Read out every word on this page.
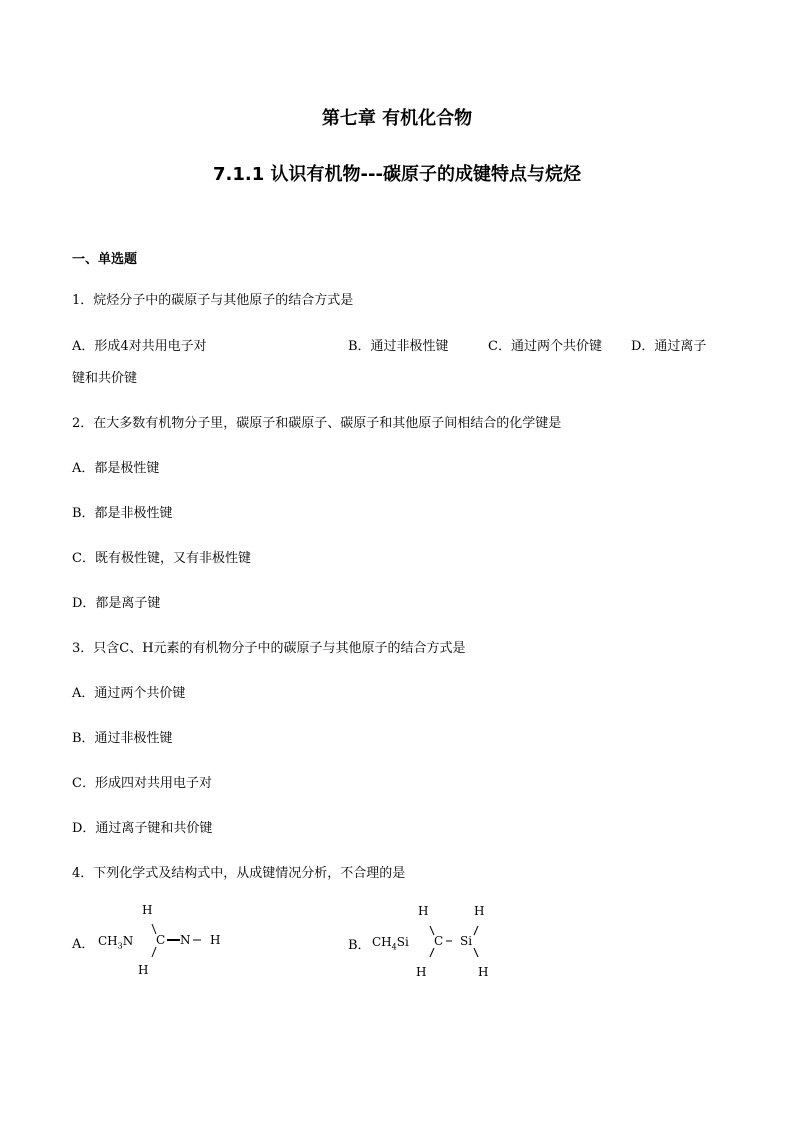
第七章 有机化合物
7.1.1 认识有机物---碳原子的成键特点与烷烃
一、单选题
1．烷烃分子中的碳原子与其他原子的结合方式是
A．形成4对共用电子对	B．通过非极性键	C．通过两个共价键 D．通过离子
键和共价键
2．在大多数有机物分子里，碳原子和碳原子、碳原子和其他原子间相结合的化学键是
A．都是极性键
B．都是非极性键
C．既有极性键，又有非极性键
D．都是离子键
3．只含C、H元素的有机物分子中的碳原子与其他原子的结合方式是
A．通过两个共价键
B．通过非极性键
C．形成四对共用电子对
D．通过离子键和共价键
4．下列化学式及结构式中，从成键情况分析，不合理的是
A． $CH_3N$
H
C N H
H
B． $CH_4Si$
H	H
C Si
H	H
